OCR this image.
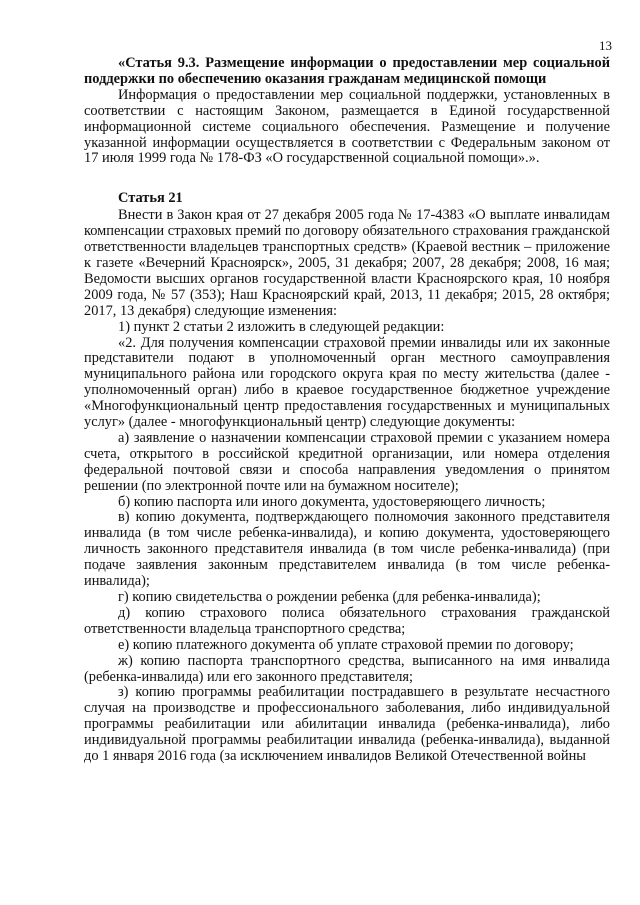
13

«Статья 9.3. Размещение информации о предоставлении мер социальной поддержки по обеспечению оказания гражданам медицинской помощи

Информация о предоставлении мер социальной поддержки, установленных в соответствии с настоящим Законом, размещается в Единой государственной информационной системе социального обеспечения. Размещение и получение указанной информации осуществляется в соответствии с Федеральным законом от 17 июля 1999 года № 178-ФЗ «О государственной социальной помощи».».

Статья 21

Внести в Закон края от 27 декабря 2005 года № 17-4383 «О выплате инвалидам компенсации страховых премий по договору обязательного страхования гражданской ответственности владельцев транспортных средств» (Краевой вестник – приложение к газете «Вечерний Красноярск», 2005, 31 декабря; 2007, 28 декабря; 2008, 16 мая; Ведомости высших органов государственной власти Красноярского края, 10 ноября 2009 года, № 57 (353); Наш Красноярский край, 2013, 11 декабря; 2015, 28 октября; 2017, 13 декабря) следующие изменения:

1) пункт 2 статьи 2 изложить в следующей редакции:

«2. Для получения компенсации страховой премии инвалиды или их законные представители подают в уполномоченный орган местного самоуправления муниципального района или городского округа края по месту жительства (далее - уполномоченный орган) либо в краевое государственное бюджетное учреждение «Многофункциональный центр предоставления государственных и муниципальных услуг» (далее - многофункциональный центр) следующие документы:

а) заявление о назначении компенсации страховой премии с указанием номера счета, открытого в российской кредитной организации, или номера отделения федеральной почтовой связи и способа направления уведомления о принятом решении (по электронной почте или на бумажном носителе);

б) копию паспорта или иного документа, удостоверяющего личность;

в) копию документа, подтверждающего полномочия законного представителя инвалида (в том числе ребенка-инвалида), и копию документа, удостоверяющего личность законного представителя инвалида (в том числе ребенка-инвалида) (при подаче заявления законным представителем инвалида (в том числе ребенка-инвалида);

г) копию свидетельства о рождении ребенка (для ребенка-инвалида);

д) копию страхового полиса обязательного страхования гражданской ответственности владельца транспортного средства;

е) копию платежного документа об уплате страховой премии по договору;

ж) копию паспорта транспортного средства, выписанного на имя инвалида (ребенка-инвалида) или его законного представителя;

з) копию программы реабилитации пострадавшего в результате несчастного случая на производстве и профессионального заболевания, либо индивидуальной программы реабилитации или абилитации инвалида (ребенка-инвалида), либо индивидуальной программы реабилитации инвалида (ребенка-инвалида), выданной до 1 января 2016 года (за исключением инвалидов Великой Отечественной войны
